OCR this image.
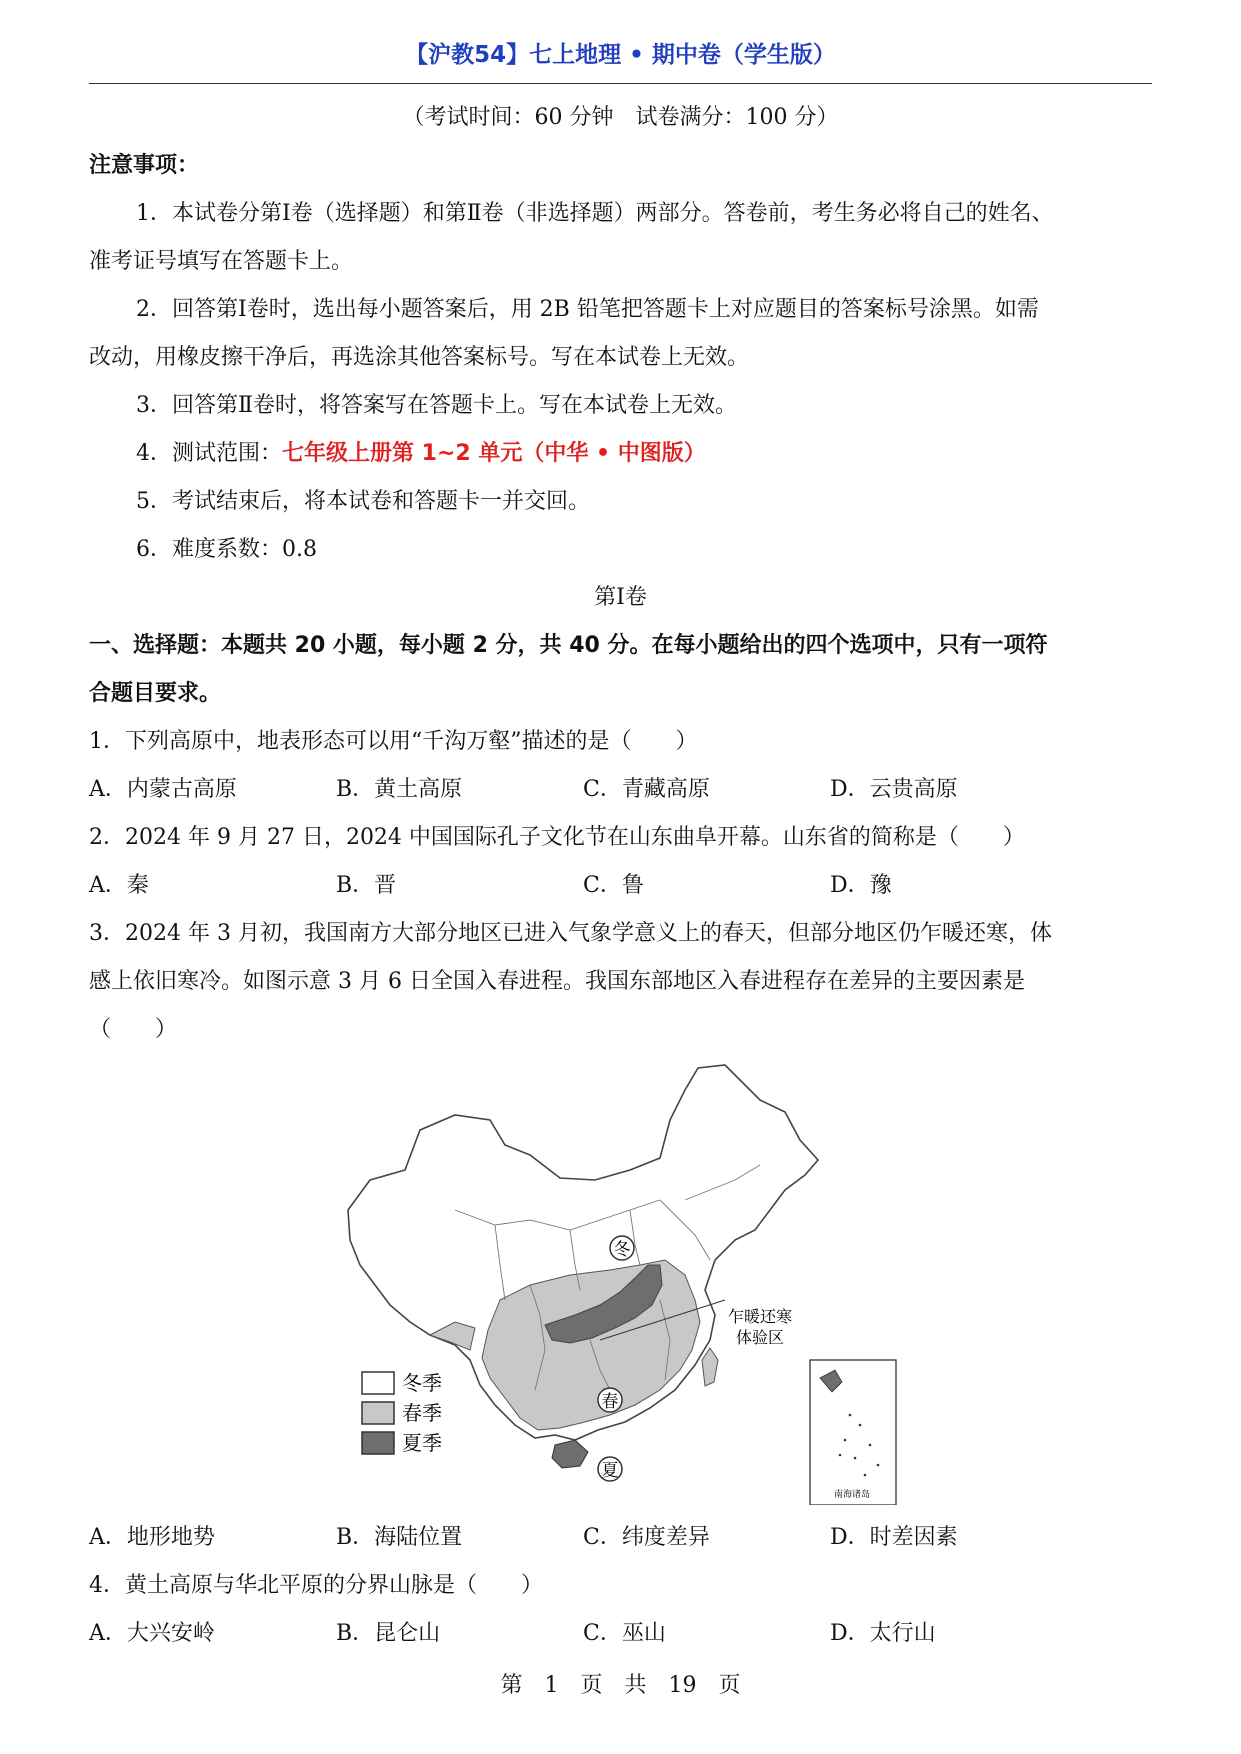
【沪教54】七上地理 • 期中卷（学生版）
（考试时间：60 分钟　试卷满分：100 分）
注意事项：
1．本试卷分第Ⅰ卷（选择题）和第Ⅱ卷（非选择题）两部分。答卷前，考生务必将自己的姓名、
准考证号填写在答题卡上。
2．回答第Ⅰ卷时，选出每小题答案后，用 2B 铅笔把答题卡上对应题目的答案标号涂黑。如需
改动，用橡皮擦干净后，再选涂其他答案标号。写在本试卷上无效。
3．回答第Ⅱ卷时，将答案写在答题卡上。写在本试卷上无效。
4．测试范围：七年级上册第 1~2 单元（中华 • 中图版）
5．考试结束后，将本试卷和答题卡一并交回。
6．难度系数：0.8
第Ⅰ卷
一、选择题：本题共 20 小题，每小题 2 分，共 40 分。在每小题给出的四个选项中，只有一项符
合题目要求。
1．下列高原中，地表形态可以用“千沟万壑”描述的是（　　）
A．内蒙古高原	B．黄土高原	C．青藏高原	D．云贵高原
2．2024 年 9 月 27 日，2024 中国国际孔子文化节在山东曲阜开幕。山东省的简称是（　　）
A．秦	B．晋	C．鲁	D．豫
3．2024 年 3 月初，我国南方大部分地区已进入气象学意义上的春天，但部分地区仍乍暖还寒，体
感上依旧寒冷。如图示意 3 月 6 日全国入春进程。我国东部地区入春进程存在差异的主要因素是
（　　）
冬
春
夏
乍暖还寒
体验区
冬季
春季
夏季
南海诸岛
A．地形地势	B．海陆位置	C．纬度差异	D．时差因素
4．黄土高原与华北平原的分界山脉是（　　）
A．大兴安岭	B．昆仑山	C．巫山	D．太行山
第　1　页　共　19　页
